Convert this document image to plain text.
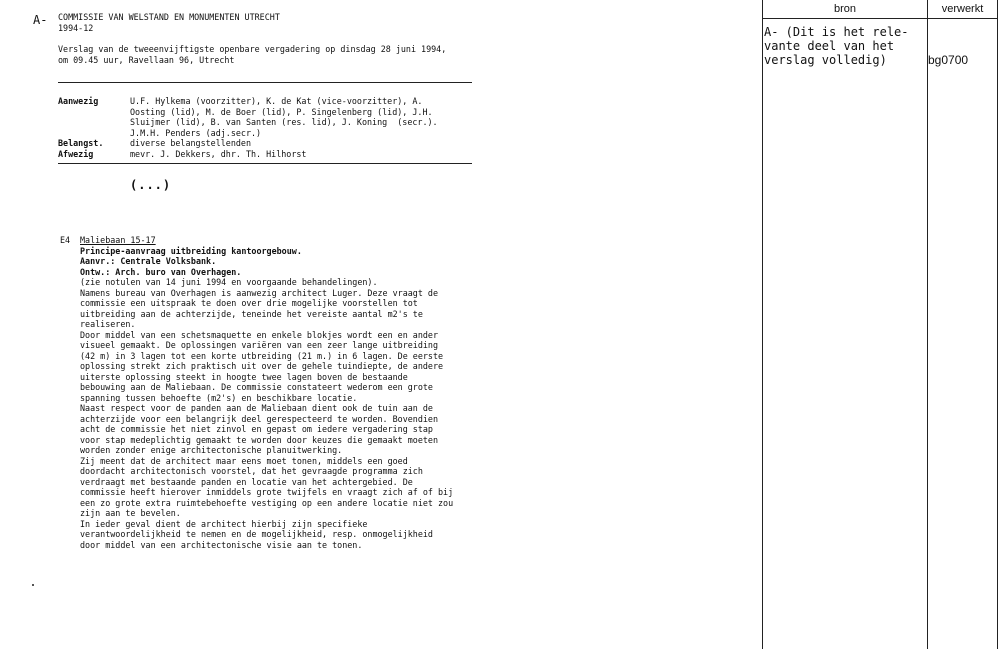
A- COMMISSIE VAN WELSTAND EN MONUMENTEN UTRECHT
1994-12
Verslag van de tweeenvijftigste openbare vergadering op dinsdag 28 juni 1994,
om 09.45 uur, Ravellaan 96, Utrecht
Aanwezig	U.F. Hylkema (voorzitter), K. de Kat (vice-voorzitter), A.
Oosting (lid), M. de Boer (lid), P. Singelenberg (lid), J.H.
Sluijmer (lid), B. van Santen (res. lid), J. Koning  (secr.).
J.M.H. Penders (adj.secr.)
Belangst.	diverse belangstellenden
Afwezig	mevr. J. Dekkers, dhr. Th. Hilhorst
(...)
E4	Maliebaan 15-17
Principe-aanvraag uitbreiding kantoorgebouw.
Aanvr.: Centrale Volksbank.
Ontw.: Arch. buro van Overhagen.
(zie notulen van 14 juni 1994 en voorgaande behandelingen).
Namens bureau van Overhagen is aanwezig architect Luger. Deze vraagt de
commissie een uitspraak te doen over drie mogelijke voorstellen tot
uitbreiding aan de achterzijde, teneinde het vereiste aantal m2's te
realiseren.
Door middel van een schetsmaquette en enkele blokjes wordt een en ander
visueel gemaakt. De oplossingen variëren van een zeer lange uitbreiding
(42 m) in 3 lagen tot een korte utbreiding (21 m.) in 6 lagen. De eerste
oplossing strekt zich praktisch uit over de gehele tuindiepte, de andere
uiterste oplossing steekt in hoogte twee lagen boven de bestaande
bebouwing aan de Maliebaan. De commissie constateert wederom een grote
spanning tussen behoefte (m2's) en beschikbare locatie.
Naast respect voor de panden aan de Maliebaan dient ook de tuin aan de
achterzijde voor een belangrijk deel gerespecteerd te worden. Bovendien
acht de commissie het niet zinvol en gepast om iedere vergadering stap
voor stap medeplichtig gemaakt te worden door keuzes die gemaakt moeten
worden zonder enige architectonische planuitwerking.
Zij meent dat de architect maar eens moet tonen, middels een goed
doordacht architectonisch voorstel, dat het gevraagde programma zich
verdraagt met bestaande panden en locatie van het achtergebied. De
commissie heeft hierover inmiddels grote twijfels en vraagt zich af of bij
een zo grote extra ruimtebehoefte vestiging op een andere locatie niet zou
zijn aan te bevelen.
In ieder geval dient de architect hierbij zijn specifieke
verantwoordelijkheid te nemen en de mogelijkheid, resp. onmogelijkheid
door middel van een architectonische visie aan te tonen.
bron	verwerkt
A- (Dit is het rele-
vante deel van het
verslag volledig)	bg0700
